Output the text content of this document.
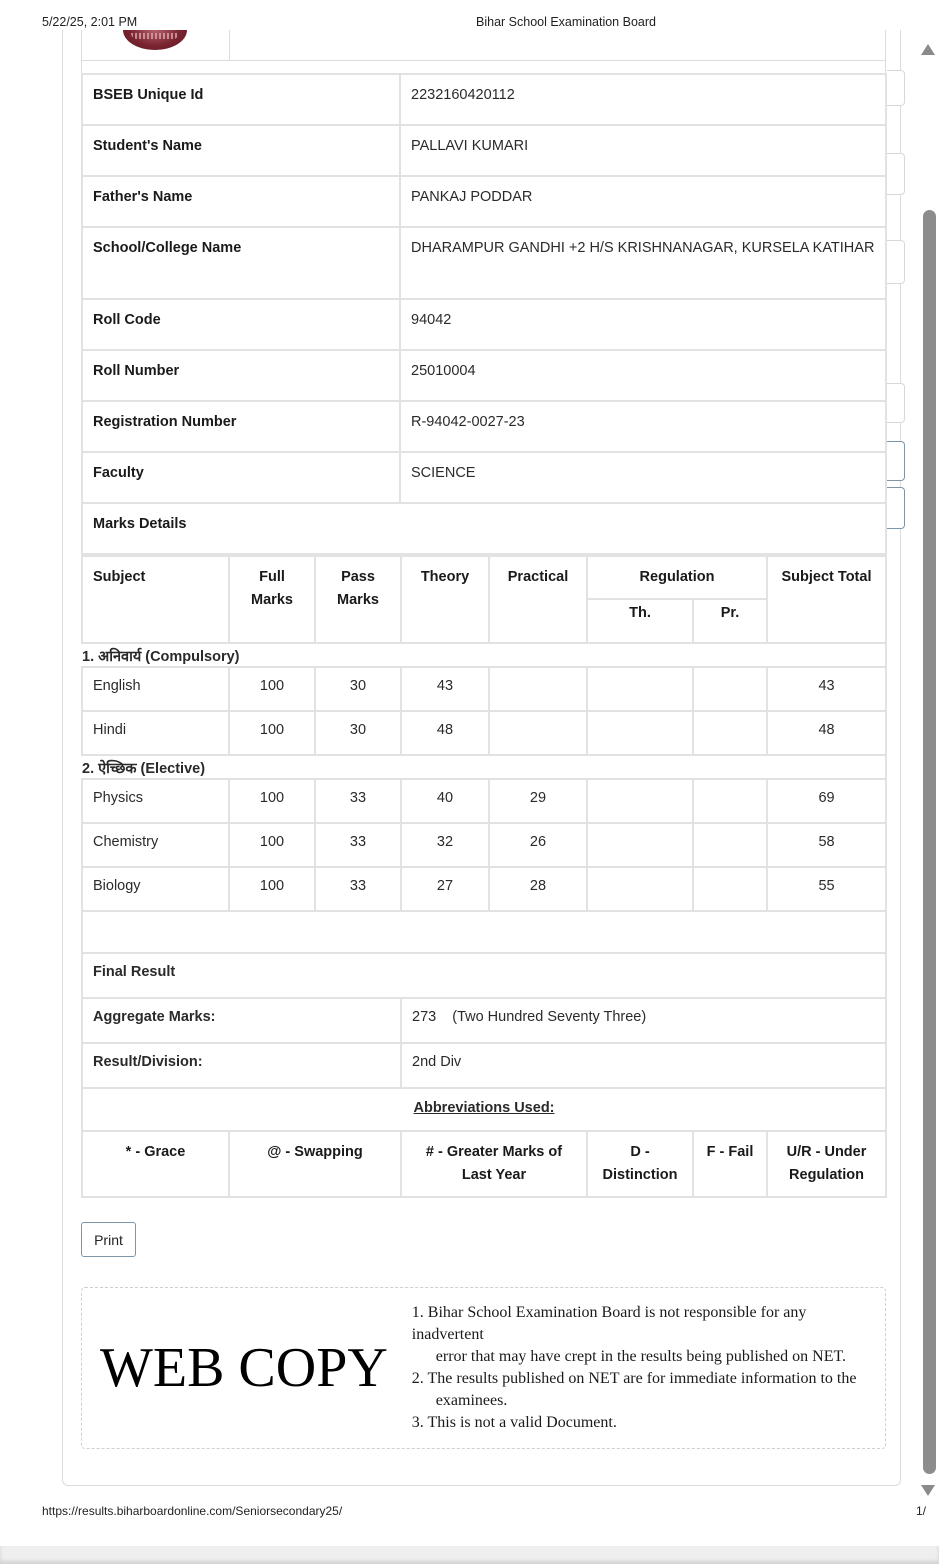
5/22/25, 2:01 PM	Bihar School Examination Board
BSEB Unique Id	2232160420112
Student's Name	PALLAVI KUMARI
Father's Name	PANKAJ PODDAR
School/College Name	DHARAMPUR GANDHI +2 H/S KRISHNANAGAR, KURSELA KATIHAR
Roll Code	94042
Roll Number	25010004
Registration Number	R-94042-0027-23
Faculty	SCIENCE
Marks Details	
Subject	Full Marks	Pass Marks	Theory	Practical	Regulation		Subject Total
					Th.	Pr.	
1. अनिवार्य (Compulsory)							
English	100	30	43				43
Hindi	100	30	48				48
2. ऐच्छिक (Elective)							
Physics	100	33	40	29			69
Chemistry	100	33	32	26			58
Biology	100	33	27	28			55

Final Result							
Aggregate Marks:			273 (Two Hundred Seventy Three)				
Result/Division:			2nd Div				
Abbreviations Used:							
* - Grace	@ - Swapping		# - Greater Marks of Last Year		D - Distinction	F - Fail	U/R - Under Regulation
Print
WEB COPY
1. Bihar School Examination Board is not responsible for any inadvertent
error that may have crept in the results being published on NET.
2. The results published on NET are for immediate information to the
examinees.
3. This is not a valid Document.
https://results.biharboardonline.com/Seniorsecondary25/	1/
